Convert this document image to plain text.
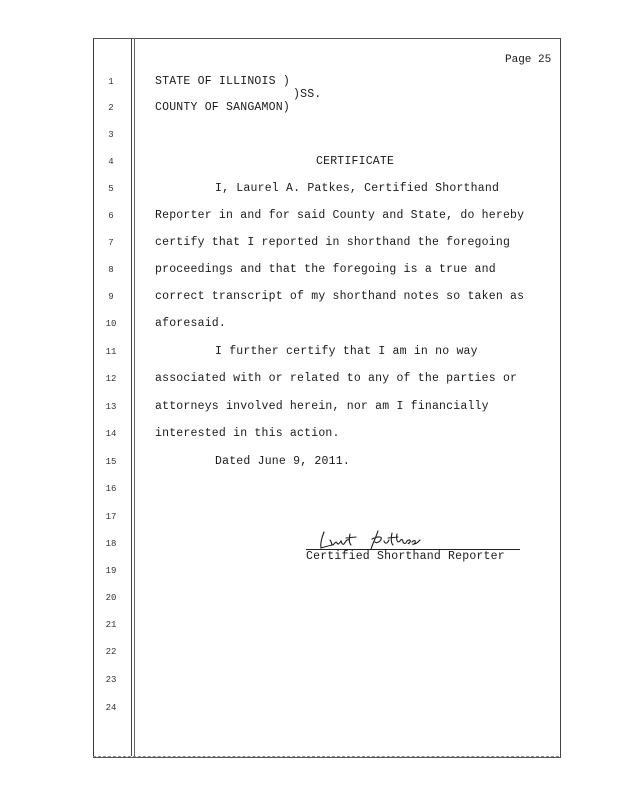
Page 25
1
2
3
4
5
6
7
8
9
10
11
12
13
14
15
16
17
18
19
20
21
22
23
24
STATE OF ILLINOIS )
)SS.
COUNTY OF SANGAMON)
CERTIFICATE
I, Laurel A. Patkes, Certified Shorthand
Reporter in and for said County and State, do hereby
certify that I reported in shorthand the foregoing
proceedings and that the foregoing is a true and
correct transcript of my shorthand notes so taken as
aforesaid.
I further certify that I am in no way
associated with or related to any of the parties or
attorneys involved herein, nor am I financially
interested in this action.
Dated June 9, 2011.
Certified Shorthand Reporter
